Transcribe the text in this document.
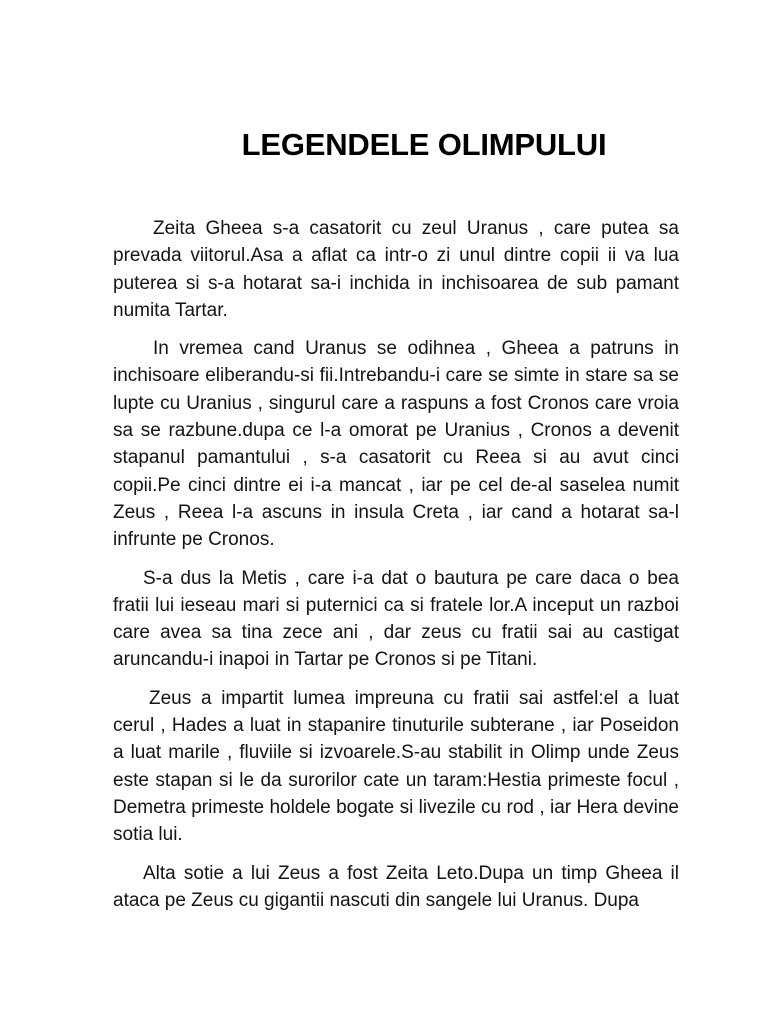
LEGENDELE OLIMPULUI

Zeita Gheea s-a casatorit cu zeul Uranus , care putea sa prevada viitorul.Asa a aflat ca intr-o zi unul dintre copii ii va lua puterea si s-a hotarat sa-i inchida in inchisoarea de sub pamant numita Tartar.

In vremea cand Uranus se odihnea , Gheea a patruns in inchisoare eliberandu-si fii.Intrebandu-i care se simte in stare sa se lupte cu Uranius , singurul care a raspuns a fost Cronos care vroia sa se razbune.dupa ce l-a omorat pe Uranius , Cronos a devenit stapanul pamantului , s-a casatorit cu Reea si au avut cinci copii.Pe cinci dintre ei i-a mancat , iar pe cel de-al saselea numit Zeus , Reea l-a ascuns in insula Creta , iar cand a hotarat sa-l infrunte pe Cronos.

S-a dus la Metis , care i-a dat o bautura pe care daca o bea fratii lui ieseau mari si puternici ca si fratele lor.A inceput un razboi care avea sa tina zece ani , dar zeus cu fratii sai au castigat aruncandu-i inapoi in Tartar pe Cronos si pe Titani.

Zeus a impartit lumea impreuna cu fratii sai astfel:el a luat cerul , Hades a luat in stapanire tinuturile subterane , iar Poseidon a luat marile , fluviile si izvoarele.S-au stabilit in Olimp unde Zeus este stapan si le da surorilor cate un taram:Hestia primeste focul , Demetra primeste holdele bogate si livezile cu rod , iar Hera devine sotia lui.

Alta sotie a lui Zeus a fost Zeita Leto.Dupa un timp Gheea il ataca pe Zeus cu gigantii nascuti din sangele lui Uranus. Dupa
